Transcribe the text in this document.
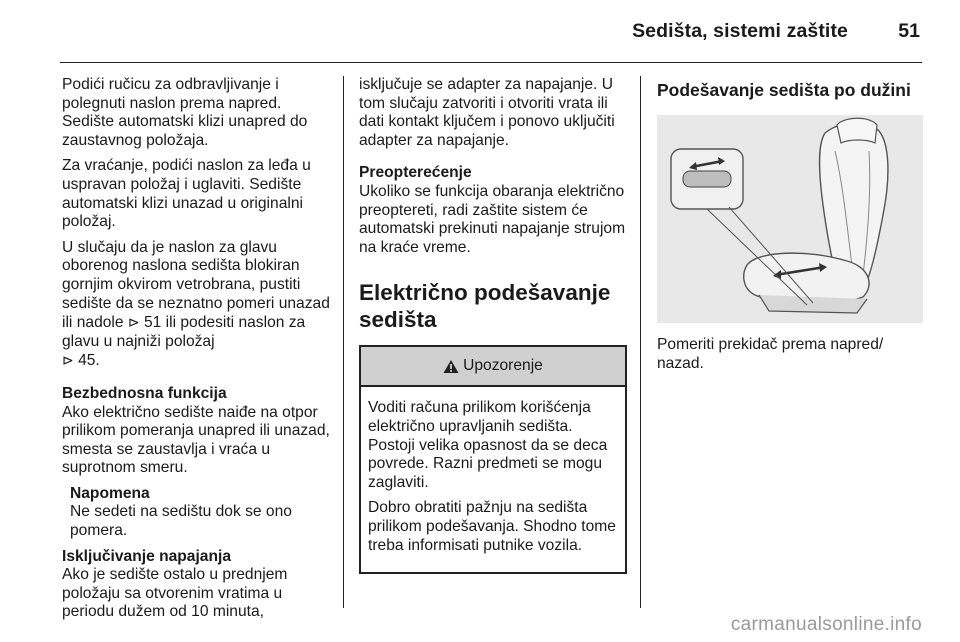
Sedišta, sistemi zaštite	51

Podići ručicu za odbravljivanje i polegnuti naslon prema napred. Sedište automatski klizi unapred do zaustavnog položaja.

Za vraćanje, podići naslon za leđa u uspravan položaj i uglaviti. Sedište automatski klizi unazad u originalni položaj.

U slučaju da je naslon za glavu oborenog naslona sedišta blokiran gornjim okvirom vetrobrana, pustiti sedište da se neznatno pomeri unazad ili nadole ⊳ 51 ili podesiti naslon za glavu u najniži položaj
⊳ 45.

Bezbednosna funkcija

Ako električno sedište naiđe na otpor prilikom pomeranja unapred ili unazad, smesta se zaustavlja i vraća u suprotnom smeru.

Napomena

Ne sedeti na sedištu dok se ono pomera.

Isključivanje napajanja

Ako je sedište ostalo u prednjem položaju sa otvorenim vratima u periodu dužem od 10 minuta,

isključuje se adapter za napajanje. U tom slučaju zatvoriti i otvoriti vrata ili dati kontakt ključem i ponovo uključiti adapter za napajanje.

Preopterećenje

Ukoliko se funkcija obaranja električno preoptereti, radi zaštite sistem će automatski prekinuti napajanje strujom na kraće vreme.

Električno podešavanje sedišta
Upozorenje

Voditi računa prilikom korišćenja električno upravljanih sedišta. Postoji velika opasnost da se deca povrede. Razni predmeti se mogu zaglaviti.

Dobro obratiti pažnju na sedišta prilikom podešavanja. Shodno tome treba informisati putnike vozila.

Podešavanje sedišta po dužini

Pomeriti prekidač prema napred/ nazad.

carmanualsonline.info
